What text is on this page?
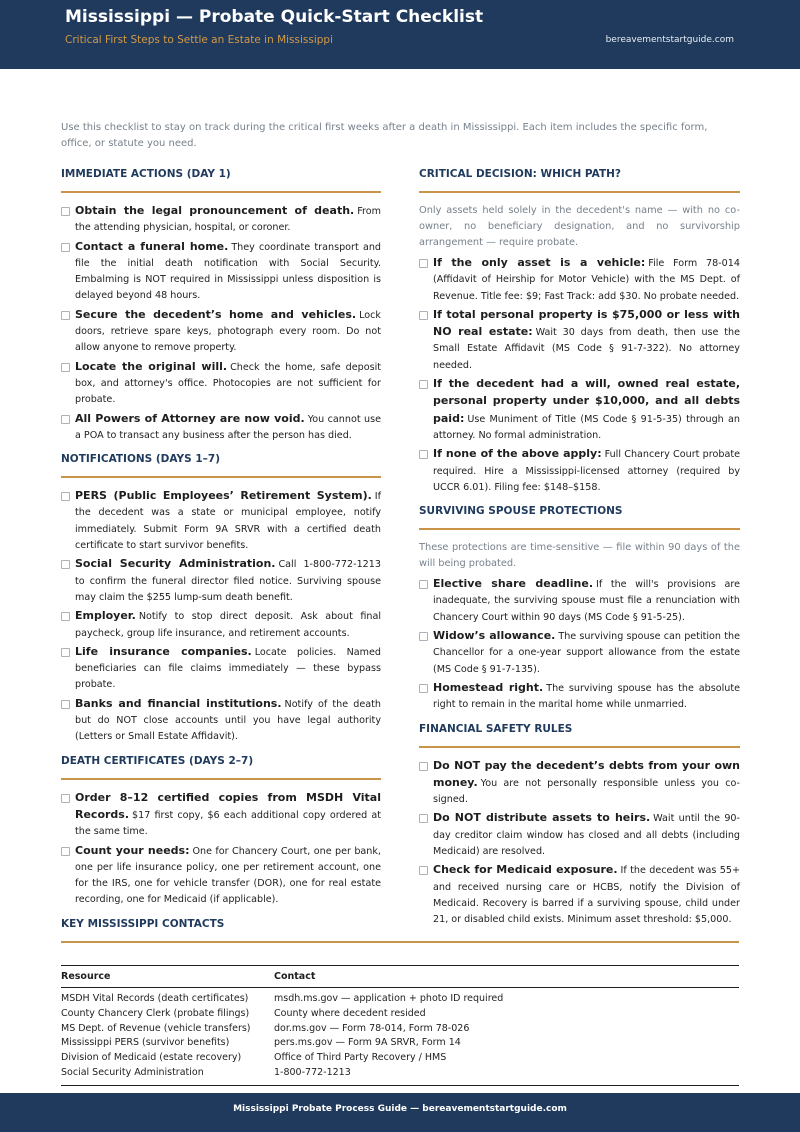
Mississippi — Probate Quick-Start Checklist
Critical First Steps to Settle an Estate in Mississippi	bereavementstartguide.com
Use this checklist to stay on track during the critical first weeks after a death in Mississippi. Each item includes the specific form, office, or statute you need.
IMMEDIATE ACTIONS (DAY 1)
Obtain the legal pronouncement of death. From the attending physician, hospital, or coroner.
Contact a funeral home. They coordinate transport and file the initial death notification with Social Security. Embalming is NOT required in Mississippi unless disposition is delayed beyond 48 hours.
Secure the decedent’s home and vehicles. Lock doors, retrieve spare keys, photograph every room. Do not allow anyone to remove property.
Locate the original will. Check the home, safe deposit box, and attorney's office. Photocopies are not sufficient for probate.
All Powers of Attorney are now void. You cannot use a POA to transact any business after the person has died.
NOTIFICATIONS (DAYS 1–7)
PERS (Public Employees’ Retirement System). If the decedent was a state or municipal employee, notify immediately. Submit Form 9A SRVR with a certified death certificate to start survivor benefits.
Social Security Administration. Call 1-800-772-1213 to confirm the funeral director filed notice. Surviving spouse may claim the $255 lump-sum death benefit.
Employer. Notify to stop direct deposit. Ask about final paycheck, group life insurance, and retirement accounts.
Life insurance companies. Locate policies. Named beneficiaries can file claims immediately — these bypass probate.
Banks and financial institutions. Notify of the death but do NOT close accounts until you have legal authority (Letters or Small Estate Affidavit).
DEATH CERTIFICATES (DAYS 2–7)
Order 8–12 certified copies from MSDH Vital Records. $17 first copy, $6 each additional copy ordered at the same time.
Count your needs: One for Chancery Court, one per bank, one per life insurance policy, one per retirement account, one for the IRS, one for vehicle transfer (DOR), one for real estate recording, one for Medicaid (if applicable).
CRITICAL DECISION: WHICH PATH?
Only assets held solely in the decedent's name — with no co-owner, no beneficiary designation, and no survivorship arrangement — require probate.
If the only asset is a vehicle: File Form 78-014 (Affidavit of Heirship for Motor Vehicle) with the MS Dept. of Revenue. Title fee: $9; Fast Track: add $30. No probate needed.
If total personal property is $75,000 or less with NO real estate: Wait 30 days from death, then use the Small Estate Affidavit (MS Code § 91-7-322). No attorney needed.
If the decedent had a will, owned real estate, personal property under $10,000, and all debts paid: Use Muniment of Title (MS Code § 91-5-35) through an attorney. No formal administration.
If none of the above apply: Full Chancery Court probate required. Hire a Mississippi-licensed attorney (required by UCCR 6.01). Filing fee: $148–$158.
SURVIVING SPOUSE PROTECTIONS
These protections are time-sensitive — file within 90 days of the will being probated.
Elective share deadline. If the will's provisions are inadequate, the surviving spouse must file a renunciation with Chancery Court within 90 days (MS Code § 91-5-25).
Widow’s allowance. The surviving spouse can petition the Chancellor for a one-year support allowance from the estate (MS Code § 91-7-135).
Homestead right. The surviving spouse has the absolute right to remain in the marital home while unmarried.
FINANCIAL SAFETY RULES
Do NOT pay the decedent’s debts from your own money. You are not personally responsible unless you co-signed.
Do NOT distribute assets to heirs. Wait until the 90-day creditor claim window has closed and all debts (including Medicaid) are resolved.
Check for Medicaid exposure. If the decedent was 55+ and received nursing care or HCBS, notify the Division of Medicaid. Recovery is barred if a surviving spouse, child under 21, or disabled child exists. Minimum asset threshold: $5,000.
KEY MISSISSIPPI CONTACTS
Resource	Contact
MSDH Vital Records (death certificates)	msdh.ms.gov — application + photo ID required
County Chancery Clerk (probate filings)	County where decedent resided
MS Dept. of Revenue (vehicle transfers)	dor.ms.gov — Form 78-014, Form 78-026
Mississippi PERS (survivor benefits)	pers.ms.gov — Form 9A SRVR, Form 14
Division of Medicaid (estate recovery)	Office of Third Party Recovery / HMS
Social Security Administration	1-800-772-1213
Mississippi Probate Process Guide — bereavementstartguide.com
